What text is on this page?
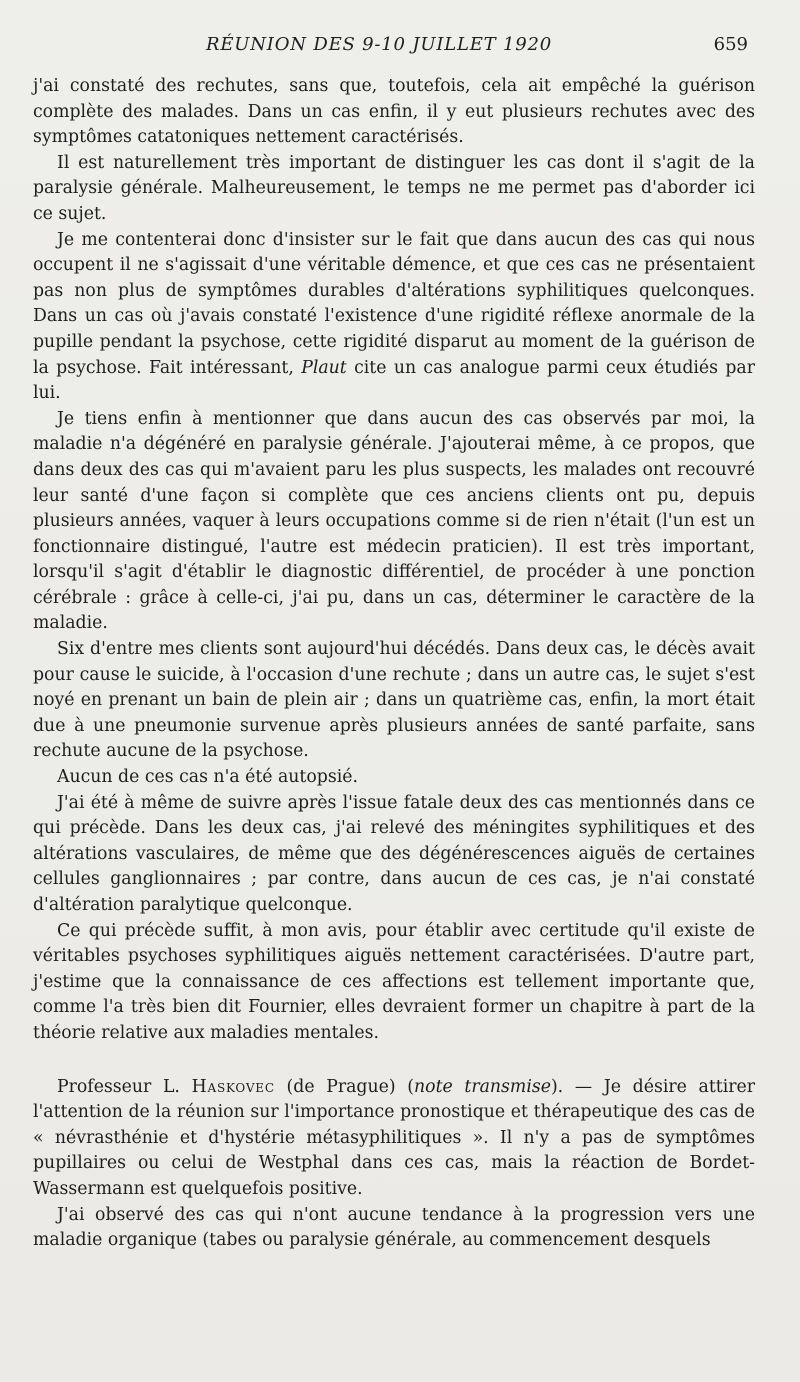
RÉUNION DES 9-10 JUILLET 1920	659

j'ai constaté des rechutes, sans que, toutefois, cela ait empêché la guérison complète des malades. Dans un cas enfin, il y eut plusieurs rechutes avec des symptômes catatoniques nettement caractérisés.

Il est naturellement très important de distinguer les cas dont il s'agit de la paralysie générale. Malheureusement, le temps ne me permet pas d'aborder ici ce sujet.

Je me contenterai donc d'insister sur le fait que dans aucun des cas qui nous occupent il ne s'agissait d'une véritable démence, et que ces cas ne présentaient pas non plus de symptômes durables d'altérations syphilitiques quelconques. Dans un cas où j'avais constaté l'existence d'une rigidité réflexe anormale de la pupille pendant la psychose, cette rigidité disparut au moment de la guérison de la psychose. Fait intéressant, Plaut cite un cas analogue parmi ceux étudiés par lui.

Je tiens enfin à mentionner que dans aucun des cas observés par moi, la maladie n'a dégénéré en paralysie générale. J'ajouterai même, à ce propos, que dans deux des cas qui m'avaient paru les plus suspects, les malades ont recouvré leur santé d'une façon si complète que ces anciens clients ont pu, depuis plusieurs années, vaquer à leurs occupations comme si de rien n'était (l'un est un fonctionnaire distingué, l'autre est médecin praticien). Il est très important, lorsqu'il s'agit d'établir le diagnostic différentiel, de procéder à une ponction cérébrale : grâce à celle-ci, j'ai pu, dans un cas, déterminer le caractère de la maladie.

Six d'entre mes clients sont aujourd'hui décédés. Dans deux cas, le décès avait pour cause le suicide, à l'occasion d'une rechute ; dans un autre cas, le sujet s'est noyé en prenant un bain de plein air ; dans un quatrième cas, enfin, la mort était due à une pneumonie survenue après plusieurs années de santé parfaite, sans rechute aucune de la psychose.

Aucun de ces cas n'a été autopsié.

J'ai été à même de suivre après l'issue fatale deux des cas mentionnés dans ce qui précède. Dans les deux cas, j'ai relevé des méningites syphilitiques et des altérations vasculaires, de même que des dégénérescences aiguës de certaines cellules ganglionnaires ; par contre, dans aucun de ces cas, je n'ai constaté d'altération paralytique quelconque.

Ce qui précède suffit, à mon avis, pour établir avec certitude qu'il existe de véritables psychoses syphilitiques aiguës nettement caractérisées. D'autre part, j'estime que la connaissance de ces affections est tellement importante que, comme l'a très bien dit Fournier, elles devraient former un chapitre à part de la théorie relative aux maladies mentales.

Professeur L. Haskovec (de Prague) (note transmise). — Je désire attirer l'attention de la réunion sur l'importance pronostique et thérapeutique des cas de « névrasthénie et d'hystérie métasyphilitiques ». Il n'y a pas de symptômes pupillaires ou celui de Westphal dans ces cas, mais la réaction de Bordet-Wassermann est quelquefois positive.

J'ai observé des cas qui n'ont aucune tendance à la progression vers une maladie organique (tabes ou paralysie générale, au commencement desquels
